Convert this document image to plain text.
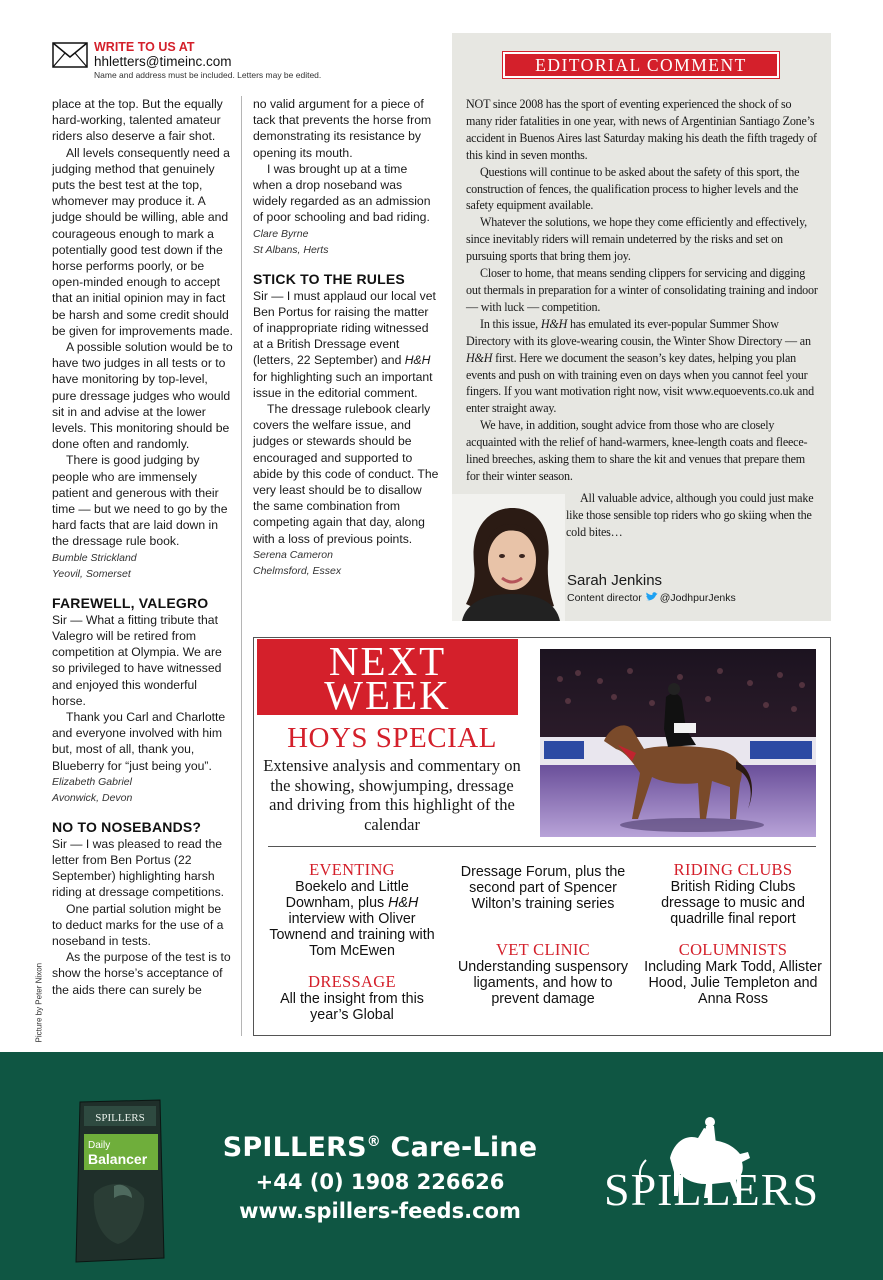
WRITE TO US AT
hhletters@timeinc.com
Name and address must be included. Letters may be edited.

place at the top. But the equally hard-working, talented amateur riders also deserve a fair shot.

All levels consequently need a judging method that genuinely puts the best test at the top, whomever may produce it. A judge should be willing, able and courageous enough to mark a potentially good test down if the horse performs poorly, or be open-minded enough to accept that an initial opinion may in fact be harsh and some credit should be given for improvements made.

A possible solution would be to have two judges in all tests or to have monitoring by top-level, pure dressage judges who would sit in and advise at the lower levels. This monitoring should be done often and randomly.

There is good judging by people who are immensely patient and generous with their time — but we need to go by the hard facts that are laid down in the dressage rule book.

Bumble Strickland
Yeovil, Somerset
FAREWELL, VALEGRO

Sir — What a fitting tribute that Valegro will be retired from competition at Olympia. We are so privileged to have witnessed and enjoyed this wonderful horse.

Thank you Carl and Charlotte and everyone involved with him but, most of all, thank you, Blueberry for “just being you”.

Elizabeth Gabriel
Avonwick, Devon
NO TO NOSEBANDS?

Sir — I was pleased to read the letter from Ben Portus (22 September) highlighting harsh riding at dressage competitions.

One partial solution might be to deduct marks for the use of a noseband in tests.

As the purpose of the test is to show the horse’s acceptance of the aids there can surely be

no valid argument for a piece of tack that prevents the horse from demonstrating its resistance by opening its mouth.

I was brought up at a time when a drop noseband was widely regarded as an admission of poor schooling and bad riding.

Clare Byrne
St Albans, Herts
STICK TO THE RULES

Sir — I must applaud our local vet Ben Portus for raising the matter of inappropriate riding witnessed at a British Dressage event (letters, 22 September) and H&H for highlighting such an important issue in the editorial comment.

The dressage rulebook clearly covers the welfare issue, and judges or stewards should be encouraged and supported to abide by this code of conduct. The very least should be to disallow the same combination from competing again that day, along with a loss of previous points.

Serena Cameron
Chelmsford, Essex
Picture by Peter Nixon
EDITORIAL COMMENT

NOT since 2008 has the sport of eventing experienced the shock of so many rider fatalities in one year, with news of Argentinian Santiago Zone’s accident in Buenos Aires last Saturday making his death the fifth tragedy of this kind in seven months.

Questions will continue to be asked about the safety of this sport, the construction of fences, the qualification process to higher levels and the safety equipment available.

Whatever the solutions, we hope they come efficiently and effectively, since inevitably riders will remain undeterred by the risks and set on pursuing sports that bring them joy.

Closer to home, that means sending clippers for servicing and digging out thermals in preparation for a winter of consolidating training and indoor — with luck — competition.

In this issue, H&H has emulated its ever-popular Summer Show Directory with its glove-wearing cousin, the Winter Show Directory — an H&H first. Here we document the season’s key dates, helping you plan events and push on with training even on days when you cannot feel your fingers. If you want motivation right now, visit www.equoevents.co.uk and enter straight away.

We have, in addition, sought advice from those who are closely acquainted with the relief of hand-warmers, knee-length coats and fleece-lined breeches, asking them to share the kit and venues that prepare them for their winter season.

All valuable advice, although you could just make like those sensible top riders who go skiing when the cold bites…
Sarah Jenkins
Content director @JodhpurJenks
NEXT
WEEK
HOYS SPECIAL
Extensive analysis and commentary on the showing, showjumping, dressage and driving from this highlight of the calendar
EVENTING
Boekelo and Little Downham, plus H&H interview with Oliver Townend and training with Tom McEwen
DRESSAGE
All the insight from this year’s Global
Dressage Forum, plus the second part of Spencer Wilton’s training series
VET CLINIC
Understanding suspensory ligaments, and how to prevent damage
RIDING CLUBS
British Riding Clubs dressage to music and quadrille final report
COLUMNISTS
Including Mark Todd, Allister Hood, Julie Templeton and Anna Ross
SPILLERS
Daily
Balancer	SPILLERS® Care-Line
+44 (0) 1908 226626
www.spillers-feeds.com	SPILLERS
